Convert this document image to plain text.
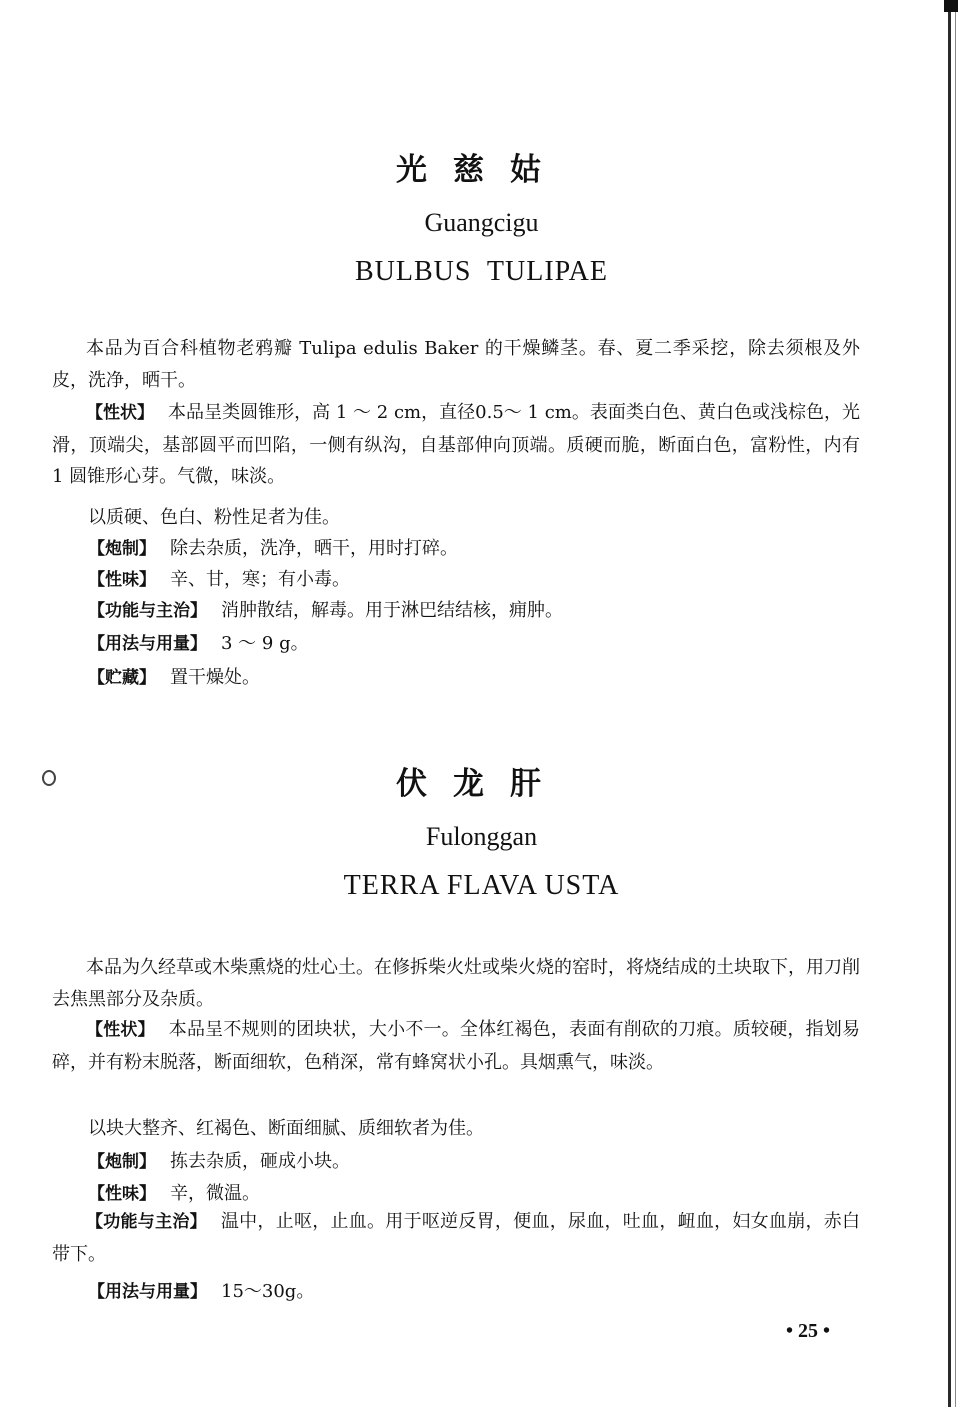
光慈姑
Guangcigu
BULBUS  TULIPAE
本品为百合科植物老鸦瓣 Tulipa edulis Baker 的干燥鳞茎。春、夏二季采挖，除去须根及外皮，洗净，晒干。
【性状】 本品呈类圆锥形，高 1 ～ 2 cm，直径0.5～ 1 cm。表面类白色、黄白色或浅棕色，光滑，顶端尖，基部圆平而凹陷，一侧有纵沟，自基部伸向顶端。质硬而脆，断面白色，富粉性，内有 1 圆锥形心芽。气微，味淡。
以质硬、色白、粉性足者为佳。
【炮制】 除去杂质，洗净，晒干，用时打碎。
【性味】 辛、甘，寒；有小毒。
【功能与主治】 消肿散结，解毒。用于淋巴结结核，痈肿。
【用法与用量】 3 ～ 9 g。
【贮藏】 置干燥处。
伏龙肝
Fulonggan
TERRA FLAVA USTA
本品为久经草或木柴熏烧的灶心土。在修拆柴火灶或柴火烧的窑时，将烧结成的土块取下，用刀削去焦黑部分及杂质。
【性状】 本品呈不规则的团块状，大小不一。全体红褐色，表面有削砍的刀痕。质较硬，指划易碎，并有粉末脱落，断面细软，色稍深，常有蜂窝状小孔。具烟熏气，味淡。
以块大整齐、红褐色、断面细腻、质细软者为佳。
【炮制】 拣去杂质，砸成小块。
【性味】 辛，微温。
【功能与主治】 温中，止呕，止血。用于呕逆反胃，便血，尿血，吐血，衄血，妇女血崩，赤白带下。
【用法与用量】 15～30g。
• 25 •
